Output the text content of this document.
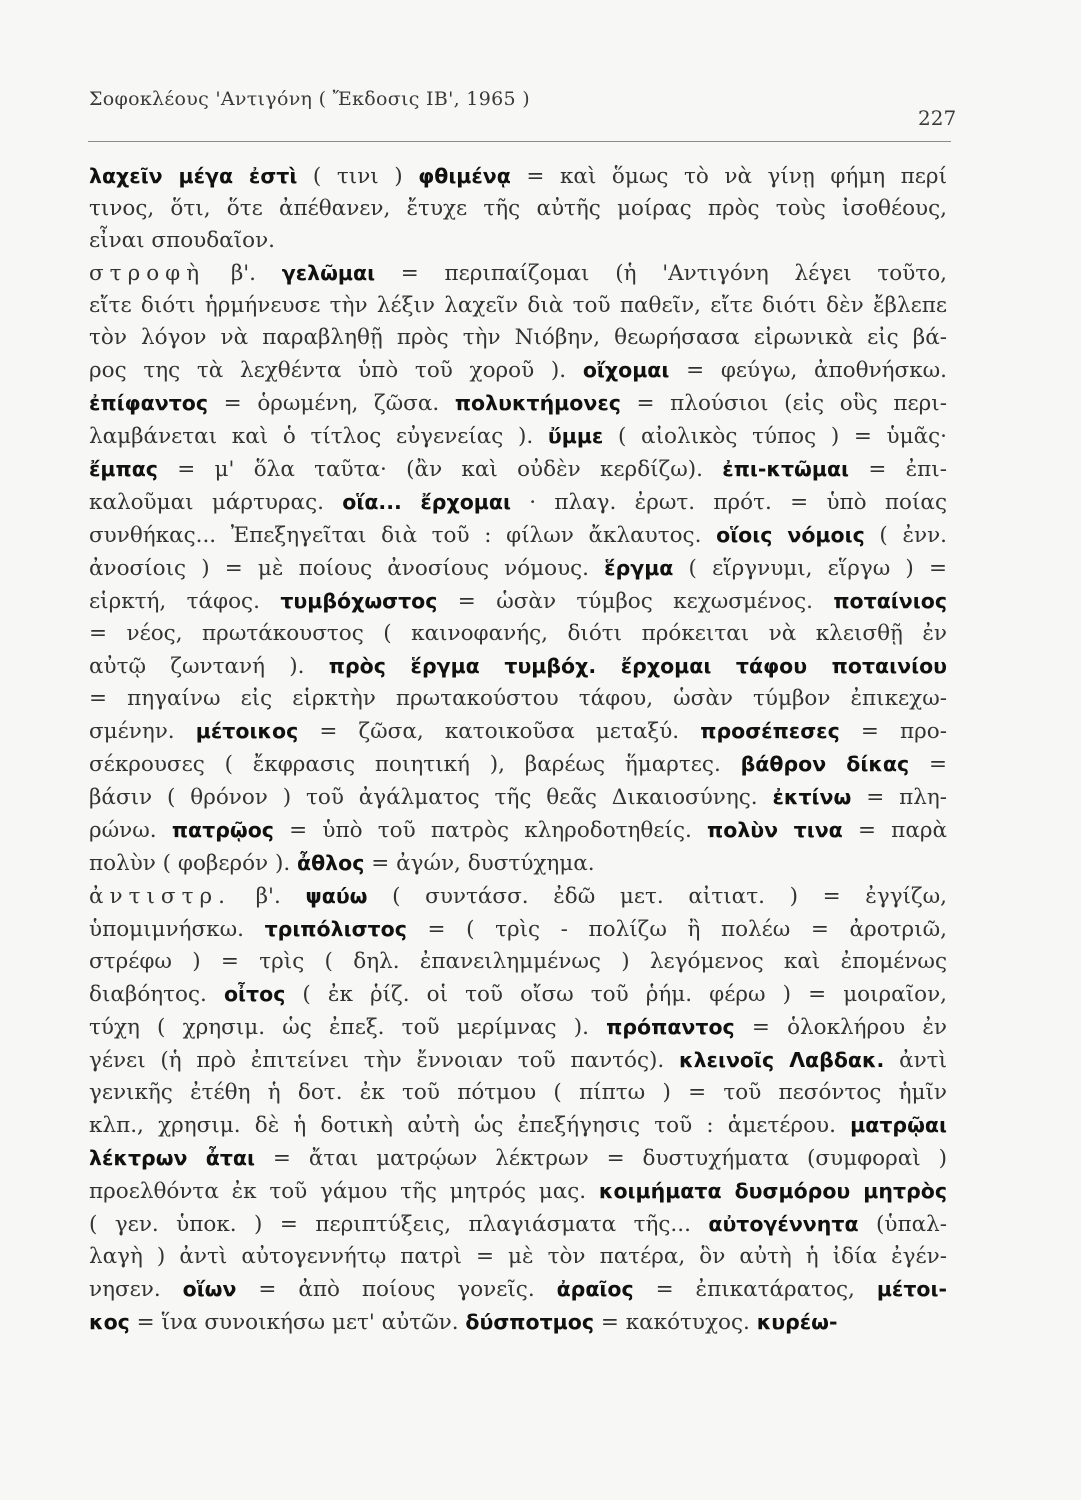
Σοφοκλέους 'Αντιγόνη ( Ἔκδοσις ΙΒ', 1965 )
227
λαχεῖν μέγα ἐστὶ ( τινι ) φθιμένᾳ = καὶ ὅμως τὸ νὰ γίνῃ φήμη περί
τινος, ὅτι, ὅτε ἀπέθανεν, ἔτυχε τῆς αὐτῆς μοίρας πρὸς τοὺς ἰσοθέους,
εἶναι σπουδαῖον.
στροφὴ β'. γελῶμαι = περιπαίζομαι (ἡ 'Αντιγόνη λέγει τοῦτο,
εἴτε διότι ἡρμήνευσε τὴν λέξιν λαχεῖν διὰ τοῦ παθεῖν, εἴτε διότι δὲν ἔβλεπε
τὸν λόγον νὰ παραβληθῇ πρὸς τὴν Νιόβην, θεωρήσασα εἰρωνικὰ εἰς βά-
ρος της τὰ λεχθέντα ὑπὸ τοῦ χοροῦ ). οἴχομαι = φεύγω, ἀποθνήσκω.
ἐπίφαντος = ὁρωμένη, ζῶσα. πολυκτήμονες = πλούσιοι (εἰς οὓς περι-
λαμβάνεται καὶ ὁ τίτλος εὐγενείας ). ὔμμε ( αἰολικὸς τύπος ) = ὑμᾶς·
ἔμπας = μ' ὅλα ταῦτα· (ἂν καὶ οὐδὲν κερδίζω). ἐπι-κτῶμαι = ἐπι-
καλοῦμαι μάρτυρας. οἵα... ἔρχομαι · πλαγ. ἐρωτ. πρότ. = ὑπὸ ποίας
συνθήκας... Ἐπεξηγεῖται διὰ τοῦ : φίλων ἄκλαυτος. οἵοις νόμοις ( ἐνν.
ἀνοσίοις ) = μὲ ποίους ἀνοσίους νόμους. ἕργμα ( εἵργνυμι, εἵργω ) =
εἱρκτή, τάφος. τυμβόχωστος = ὡσὰν τύμβος κεχωσμένος. ποταίνιος
= νέος, πρωτάκουστος ( καινοφανής, διότι πρόκειται νὰ κλεισθῇ ἐν
αὐτῷ ζωντανή ). πρὸς ἕργμα τυμβόχ. ἔρχομαι τάφου ποταινίου
= πηγαίνω εἰς εἱρκτὴν πρωτακούστου τάφου, ὡσὰν τύμβον ἐπικεχω-
σμένην. μέτοικος = ζῶσα, κατοικοῦσα μεταξύ. προσέπεσες = προ-
σέκρουσες ( ἔκφρασις ποιητική ), βαρέως ἥμαρτες. βάθρον δίκας =
βάσιν ( θρόνον ) τοῦ ἀγάλματος τῆς θεᾶς Δικαιοσύνης. ἐκτίνω = πλη-
ρώνω. πατρῷος = ὑπὸ τοῦ πατρὸς κληροδοτηθείς. πολὺν τινα = παρὰ
πολὺν ( φοβερόν ). ἆθλος = ἀγών, δυστύχημα.
ἀντιστρ. β'. ψαύω ( συντάσσ. ἐδῶ μετ. αἰτιατ. ) = ἐγγίζω,
ὑπομιμνήσκω. τριπόλιστος = ( τρὶς - πολίζω ἢ πολέω = ἀροτριῶ,
στρέφω ) = τρὶς ( δηλ. ἐπανειλημμένως ) λεγόμενος καὶ ἐπομένως
διαβόητος. οἶτος ( ἐκ ῥίζ. οἱ τοῦ οἴσω τοῦ ῥήμ. φέρω ) = μοιραῖον,
τύχη ( χρησιμ. ὡς ἐπεξ. τοῦ μερίμνας ). πρόπαντος = ὁλοκλήρου ἐν
γένει (ἡ πρὸ ἐπιτείνει τὴν ἔννοιαν τοῦ παντός). κλεινοῖς Λαβδακ. ἀντὶ
γενικῆς ἐτέθη ἡ δοτ. ἐκ τοῦ πότμου ( πίπτω ) = τοῦ πεσόντος ἡμῖν
κλπ., χρησιμ. δὲ ἡ δοτικὴ αὐτὴ ὡς ἐπεξήγησις τοῦ : ἁμετέρου. ματρῷαι
λέκτρων ἆται = ἄται ματρῴων λέκτρων = δυστυχήματα (συμφοραὶ )
προελθόντα ἐκ τοῦ γάμου τῆς μητρός μας. κοιμήματα δυσμόρου μητρὸς
( γεν. ὑποκ. ) = περιπτύξεις, πλαγιάσματα τῆς... αὐτογέννητα (ὑπαλ-
λαγὴ ) ἀντὶ αὐτογεννήτῳ πατρὶ = μὲ τὸν πατέρα, ὃν αὐτὴ ἡ ἰδία ἐγέν-
νησεν. οἵων = ἀπὸ ποίους γονεῖς. ἀραῖος = ἐπικατάρατος, μέτοι-
κος = ἵνα συνοικήσω μετ' αὐτῶν. δύσποτμος = κακότυχος. κυρέω-
